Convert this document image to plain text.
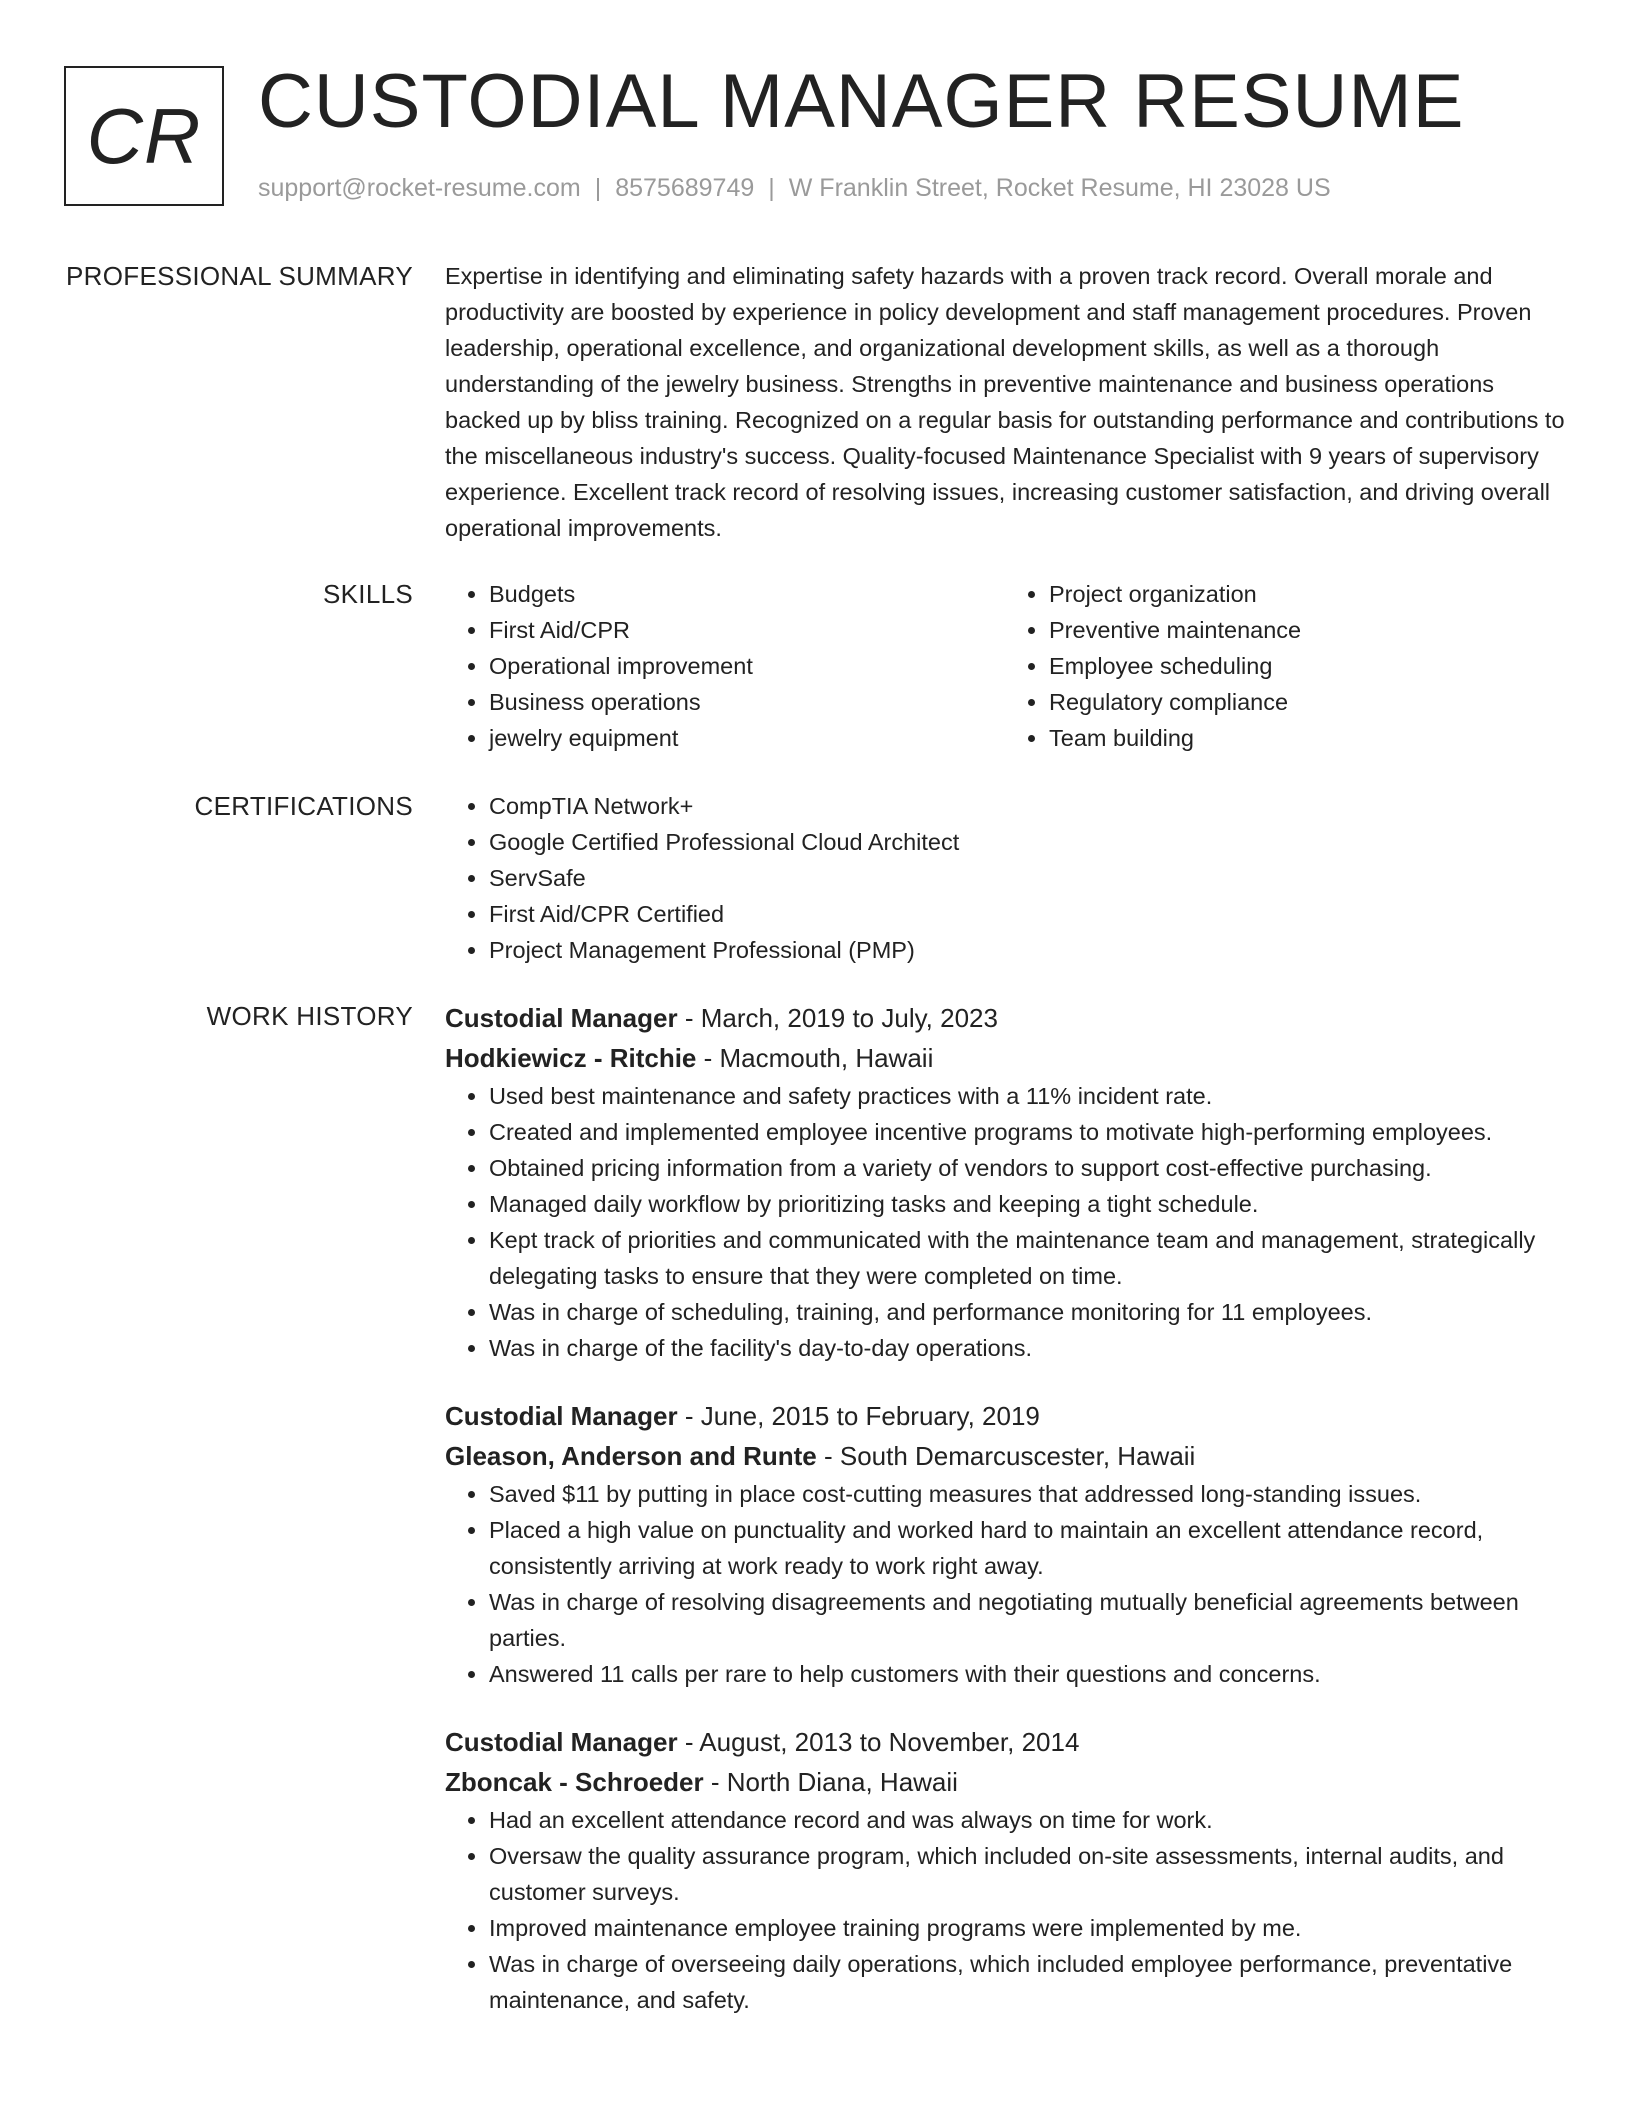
CR CUSTODIAL MANAGER RESUME
support@rocket-resume.com | 8575689749 | W Franklin Street, Rocket Resume, HI 23028 US
PROFESSIONAL SUMMARY Expertise in identifying and eliminating safety hazards with a proven track record. Overall morale and productivity are boosted by experience in policy development and staff management procedures. Proven leadership, operational excellence, and organizational development skills, as well as a thorough understanding of the jewelry business. Strengths in preventive maintenance and business operations backed up by bliss training. Recognized on a regular basis for outstanding performance and contributions to the miscellaneous industry's success. Quality-focused Maintenance Specialist with 9 years of supervisory experience. Excellent track record of resolving issues, increasing customer satisfaction, and driving overall operational improvements.

SKILLS	• Budgets
• First Aid/CPR
• Operational improvement
• Business operations
• jewelry equipment
• Project organization
• Preventive maintenance
• Employee scheduling
• Regulatory compliance
• Team building
CERTIFICATIONS	• CompTIA Network+
• Google Certified Professional Cloud Architect
• ServSafe
• First Aid/CPR Certified
• Project Management Professional (PMP)
WORK HISTORY Custodial Manager - March, 2019 to July, 2023
Hodkiewicz - Ritchie - Macmouth, Hawaii
• Used best maintenance and safety practices with a 11% incident rate.
• Created and implemented employee incentive programs to motivate high-performing employees.
• Obtained pricing information from a variety of vendors to support cost-effective purchasing.
• Managed daily workflow by prioritizing tasks and keeping a tight schedule.
• Kept track of priorities and communicated with the maintenance team and management, strategically delegating tasks to ensure that they were completed on time.
• Was in charge of scheduling, training, and performance monitoring for 11 employees.
• Was in charge of the facility's day-to-day operations.
Custodial Manager - June, 2015 to February, 2019
Gleason, Anderson and Runte - South Demarcuscester, Hawaii
• Saved $11 by putting in place cost-cutting measures that addressed long-standing issues.
• Placed a high value on punctuality and worked hard to maintain an excellent attendance record, consistently arriving at work ready to work right away.
• Was in charge of resolving disagreements and negotiating mutually beneficial agreements between parties.
• Answered 11 calls per rare to help customers with their questions and concerns.
Custodial Manager - August, 2013 to November, 2014
Zboncak - Schroeder - North Diana, Hawaii
• Had an excellent attendance record and was always on time for work.
• Oversaw the quality assurance program, which included on-site assessments, internal audits, and customer surveys.
• Improved maintenance employee training programs were implemented by me.
• Was in charge of overseeing daily operations, which included employee performance, preventative maintenance, and safety.
